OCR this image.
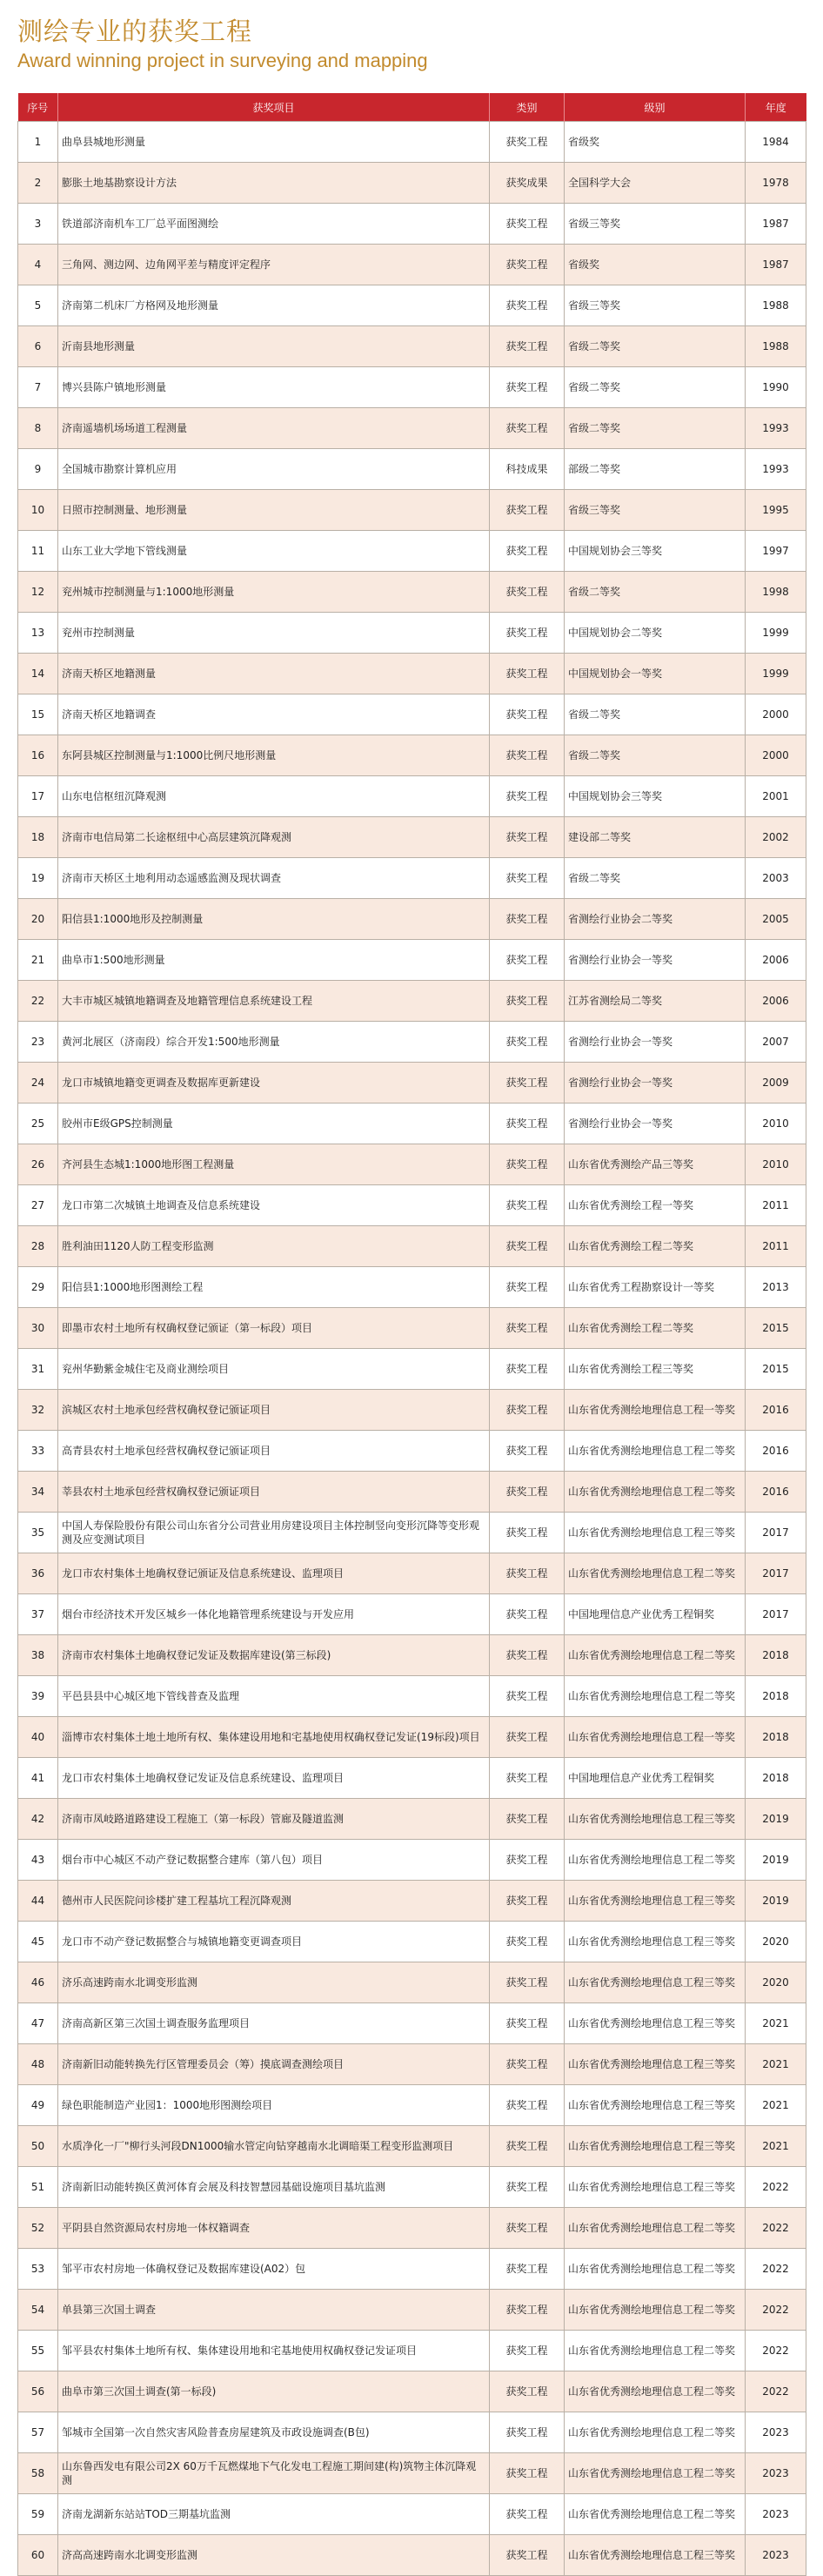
测绘专业的获奖工程
Award winning project in surveying and mapping
序号	获奖项目	类别	级别	年度
1	曲阜县城地形测量	获奖工程	省级奖	1984
2	膨胀土地基勘察设计方法	获奖成果	全国科学大会	1978
3	铁道部济南机车工厂总平面图测绘	获奖工程	省级三等奖	1987
4	三角网、测边网、边角网平差与精度评定程序	获奖工程	省级奖	1987
5	济南第二机床厂方格网及地形测量	获奖工程	省级三等奖	1988
6	沂南县地形测量	获奖工程	省级二等奖	1988
7	博兴县陈户镇地形测量	获奖工程	省级二等奖	1990
8	济南遥墙机场场道工程测量	获奖工程	省级二等奖	1993
9	全国城市勘察计算机应用	科技成果	部级二等奖	1993
10	日照市控制测量、地形测量	获奖工程	省级三等奖	1995
11	山东工业大学地下管线测量	获奖工程	中国规划协会三等奖	1997
12	兖州城市控制测量与1:1000地形测量	获奖工程	省级二等奖	1998
13	兖州市控制测量	获奖工程	中国规划协会二等奖	1999
14	济南天桥区地籍测量	获奖工程	中国规划协会一等奖	1999
15	济南天桥区地籍调查	获奖工程	省级二等奖	2000
16	东阿县城区控制测量与1:1000比例尺地形测量	获奖工程	省级二等奖	2000
17	山东电信枢纽沉降观测	获奖工程	中国规划协会三等奖	2001
18	济南市电信局第二长途枢纽中心高层建筑沉降观测	获奖工程	建设部二等奖	2002
19	济南市天桥区土地利用动态遥感监测及现状调查	获奖工程	省级二等奖	2003
20	阳信县1:1000地形及控制测量	获奖工程	省测绘行业协会二等奖	2005
21	曲阜市1:500地形测量	获奖工程	省测绘行业协会一等奖	2006
22	大丰市城区城镇地籍调查及地籍管理信息系统建设工程	获奖工程	江苏省测绘局二等奖	2006
23	黄河北展区（济南段）综合开发1:500地形测量	获奖工程	省测绘行业协会一等奖	2007
24	龙口市城镇地籍变更调查及数据库更新建设	获奖工程	省测绘行业协会一等奖	2009
25	胶州市E级GPS控制测量	获奖工程	省测绘行业协会一等奖	2010
26	齐河县生态城1:1000地形图工程测量	获奖工程	山东省优秀测绘产品三等奖	2010
27	龙口市第二次城镇土地调查及信息系统建设	获奖工程	山东省优秀测绘工程一等奖	2011
28	胜利油田1120人防工程变形监测	获奖工程	山东省优秀测绘工程二等奖	2011
29	阳信县1:1000地形图测绘工程	获奖工程	山东省优秀工程勘察设计一等奖	2013
30	即墨市农村土地所有权确权登记颁证（第一标段）项目	获奖工程	山东省优秀测绘工程二等奖	2015
31	兖州华勤紫金城住宅及商业测绘项目	获奖工程	山东省优秀测绘工程三等奖	2015
32	滨城区农村土地承包经营权确权登记颁证项目	获奖工程	山东省优秀测绘地理信息工程一等奖	2016
33	高青县农村土地承包经营权确权登记颁证项目	获奖工程	山东省优秀测绘地理信息工程二等奖	2016
34	莘县农村土地承包经营权确权登记颁证项目	获奖工程	山东省优秀测绘地理信息工程二等奖	2016
35	中国人寿保险股份有限公司山东省分公司营业用房建设项目主体控制竖向变形沉降等变形观测及应变测试项目	获奖工程	山东省优秀测绘地理信息工程三等奖	2017
36	龙口市农村集体土地确权登记颁证及信息系统建设、监理项目	获奖工程	山东省优秀测绘地理信息工程二等奖	2017
37	烟台市经济技术开发区城乡一体化地籍管理系统建设与开发应用	获奖工程	中国地理信息产业优秀工程铜奖	2017
38	济南市农村集体土地确权登记发证及数据库建设(第三标段)	获奖工程	山东省优秀测绘地理信息工程二等奖	2018
39	平邑县县中心城区地下管线普查及监理	获奖工程	山东省优秀测绘地理信息工程二等奖	2018
40	淄博市农村集体土地土地所有权、集体建设用地和宅基地使用权确权登记发证(19标段)项目	获奖工程	山东省优秀测绘地理信息工程一等奖	2018
41	龙口市农村集体土地确权登记发证及信息系统建设、监理项目	获奖工程	中国地理信息产业优秀工程铜奖	2018
42	济南市凤岐路道路建设工程施工（第一标段）管廊及隧道监测	获奖工程	山东省优秀测绘地理信息工程三等奖	2019
43	烟台市中心城区不动产登记数据整合建库（第八包）项目	获奖工程	山东省优秀测绘地理信息工程二等奖	2019
44	德州市人民医院问诊楼扩建工程基坑工程沉降观测	获奖工程	山东省优秀测绘地理信息工程三等奖	2019
45	龙口市不动产登记数据整合与城镇地籍变更调查项目	获奖工程	山东省优秀测绘地理信息工程三等奖	2020
46	济乐高速跨南水北调变形监测	获奖工程	山东省优秀测绘地理信息工程三等奖	2020
47	济南高新区第三次国土调查服务监理项目	获奖工程	山东省优秀测绘地理信息工程三等奖	2021
48	济南新旧动能转换先行区管理委员会（筹）摸底调查测绘项目	获奖工程	山东省优秀测绘地理信息工程三等奖	2021
49	绿色职能制造产业园1：1000地形图测绘项目	获奖工程	山东省优秀测绘地理信息工程三等奖	2021
50	水质净化一厂"柳行头河段DN1000输水管定向钻穿越南水北调暗渠工程变形监测项目	获奖工程	山东省优秀测绘地理信息工程三等奖	2021
51	济南新旧动能转换区黄河体育会展及科技智慧园基础设施项目基坑监测	获奖工程	山东省优秀测绘地理信息工程三等奖	2022
52	平阴县自然资源局农村房地一体权籍调查	获奖工程	山东省优秀测绘地理信息工程二等奖	2022
53	邹平市农村房地一体确权登记及数据库建设(A02）包	获奖工程	山东省优秀测绘地理信息工程二等奖	2022
54	单县第三次国土调查	获奖工程	山东省优秀测绘地理信息工程二等奖	2022
55	邹平县农村集体土地所有权、集体建设用地和宅基地使用权确权登记发证项目	获奖工程	山东省优秀测绘地理信息工程二等奖	2022
56	曲阜市第三次国土调查(第一标段)	获奖工程	山东省优秀测绘地理信息工程二等奖	2022
57	邹城市全国第一次自然灾害风险普查房屋建筑及市政设施调查(B包)	获奖工程	山东省优秀测绘地理信息工程二等奖	2023
58	山东鲁西发电有限公司2X 60万千瓦燃煤地下气化发电工程施工期间建(构)筑物主体沉降观测	获奖工程	山东省优秀测绘地理信息工程二等奖	2023
59	济南龙湖新东站站TOD三期基坑监测	获奖工程	山东省优秀测绘地理信息工程二等奖	2023
60	济高高速跨南水北调变形监测	获奖工程	山东省优秀测绘地理信息工程三等奖	2023
